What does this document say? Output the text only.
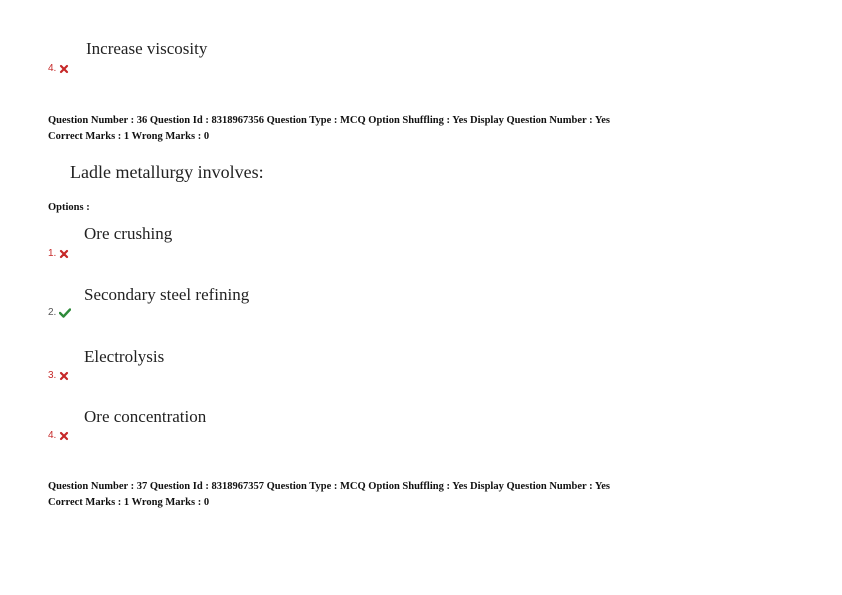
Increase viscosity
4.
Question Number : 36 Question Id : 8318967356 Question Type : MCQ Option Shuffling : Yes Display Question Number : Yes
Correct Marks : 1 Wrong Marks : 0
Ladle metallurgy involves:
Options :
Ore crushing
1.
Secondary steel refining
2.
Electrolysis
3.
Ore concentration
4.
Question Number : 37 Question Id : 8318967357 Question Type : MCQ Option Shuffling : Yes Display Question Number : Yes
Correct Marks : 1 Wrong Marks : 0
